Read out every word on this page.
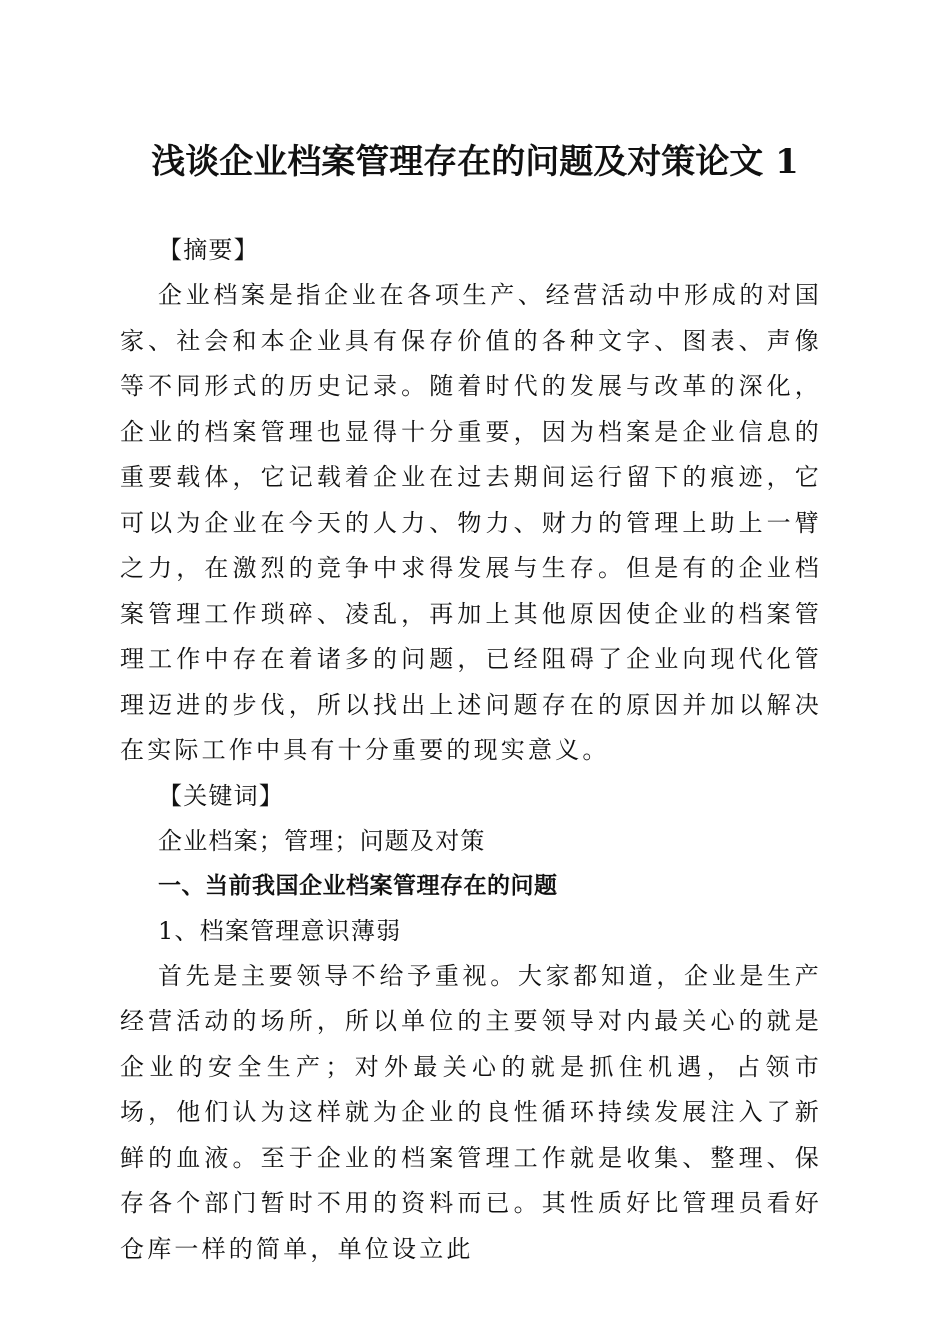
浅谈企业档案管理存在的问题及对策论文 1
【摘要】

企业档案是指企业在各项生产、经营活动中形成的对国家、社会和本企业具有保存价值的各种文字、图表、声像等不同形式的历史记录。随着时代的发展与改革的深化，企业的档案管理也显得十分重要，因为档案是企业信息的重要载体，它记载着企业在过去期间运行留下的痕迹，它可以为企业在今天的人力、物力、财力的管理上助上一臂之力，在激烈的竞争中求得发展与生存。但是有的企业档案管理工作琐碎、凌乱，再加上其他原因使企业的档案管理工作中存在着诸多的问题，已经阻碍了企业向现代化管理迈进的步伐，所以找出上述问题存在的原因并加以解决在实际工作中具有十分重要的现实意义。

【关键词】
企业档案；管理；问题及对策
一、当前我国企业档案管理存在的问题
1、档案管理意识薄弱

首先是主要领导不给予重视。大家都知道，企业是生产经营活动的场所，所以单位的主要领导对内最关心的就是企业的安全生产；对外最关心的就是抓住机遇，占领市场，他们认为这样就为企业的良性循环持续发展注入了新鲜的血液。至于企业的档案管理工作就是收集、整理、保存各个部门暂时不用的资料而已。其性质好比管理员看好仓库一样的简单，单位设立此
